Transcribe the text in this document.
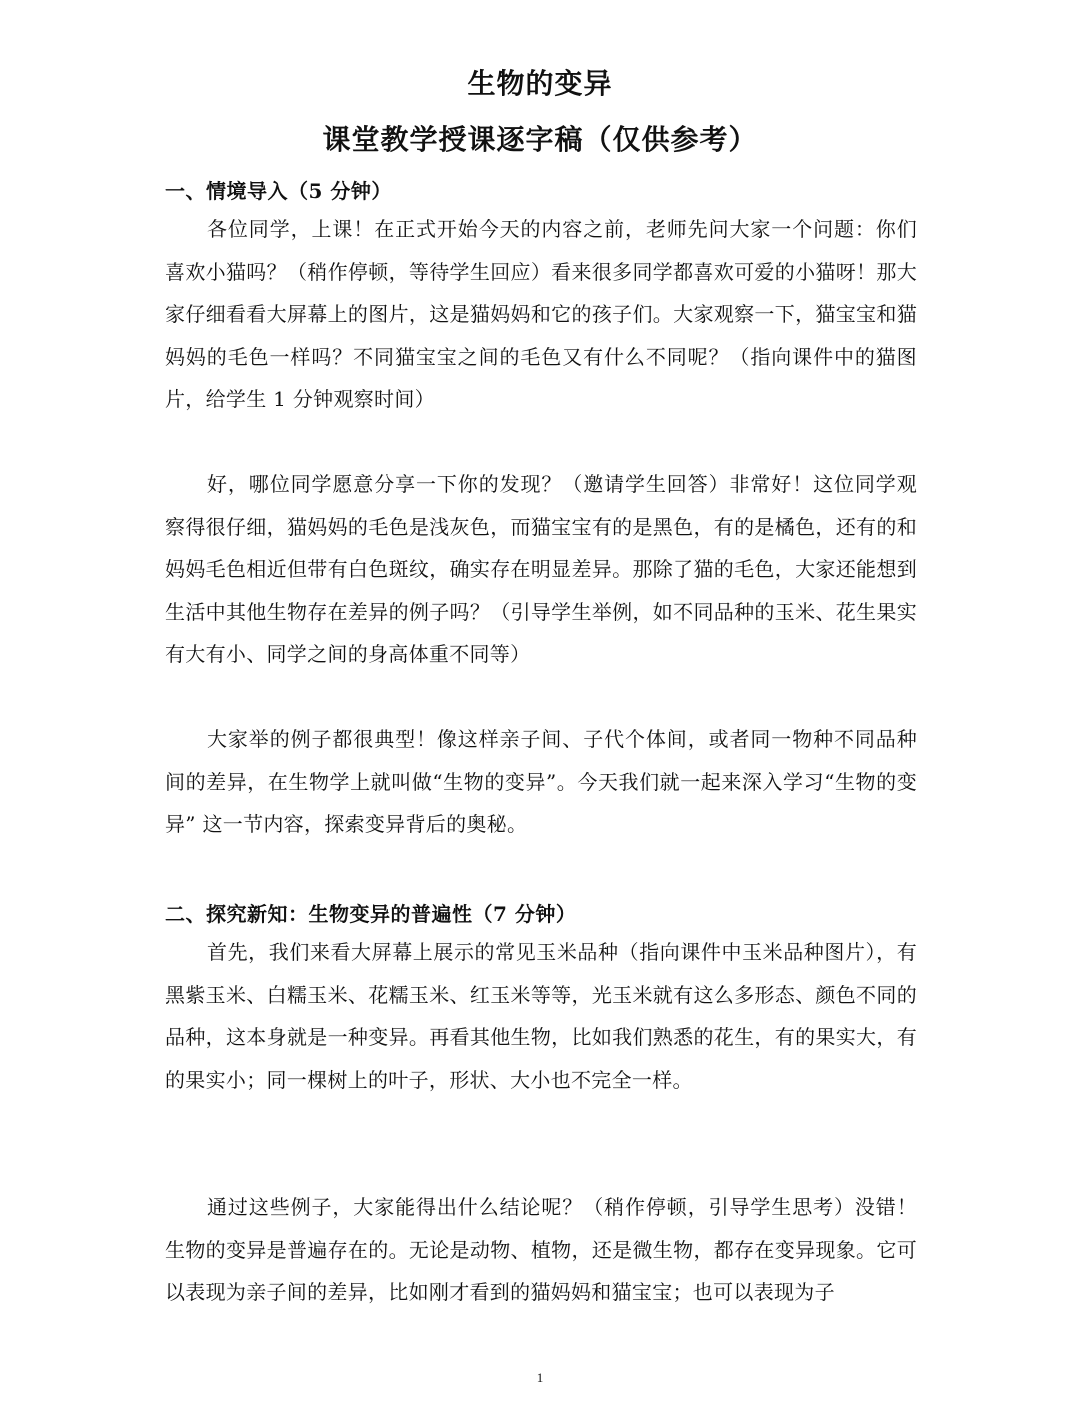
生物的变异
课堂教学授课逐字稿（仅供参考）
一、情境导入（5 分钟）

各位同学，上课！在正式开始今天的内容之前，老师先问大家一个问题：你们喜欢小猫吗？（稍作停顿，等待学生回应）看来很多同学都喜欢可爱的小猫呀！那大家仔细看看大屏幕上的图片，这是猫妈妈和它的孩子们。大家观察一下，猫宝宝和猫妈妈的毛色一样吗？不同猫宝宝之间的毛色又有什么不同呢？（指向课件中的猫图片，给学生 1 分钟观察时间）

好，哪位同学愿意分享一下你的发现？（邀请学生回答）非常好！这位同学观察得很仔细，猫妈妈的毛色是浅灰色，而猫宝宝有的是黑色，有的是橘色，还有的和妈妈毛色相近但带有白色斑纹，确实存在明显差异。那除了猫的毛色，大家还能想到生活中其他生物存在差异的例子吗？（引导学生举例，如不同品种的玉米、花生果实有大有小、同学之间的身高体重不同等）

大家举的例子都很典型！像这样亲子间、子代个体间，或者同一物种不同品种间的差异，在生物学上就叫做“生物的变异”。今天我们就一起来深入学习“生物的变异” 这一节内容，探索变异背后的奥秘。

二、探究新知：生物变异的普遍性（7 分钟）

首先，我们来看大屏幕上展示的常见玉米品种（指向课件中玉米品种图片），有黑紫玉米、白糯玉米、花糯玉米、红玉米等等，光玉米就有这么多形态、颜色不同的品种，这本身就是一种变异。再看其他生物，比如我们熟悉的花生，有的果实大，有的果实小；同一棵树上的叶子，形状、大小也不完全一样。

通过这些例子，大家能得出什么结论呢？（稍作停顿，引导学生思考）没错！生物的变异是普遍存在的。无论是动物、植物，还是微生物，都存在变异现象。它可以表现为亲子间的差异，比如刚才看到的猫妈妈和猫宝宝；也可以表现为子

1
